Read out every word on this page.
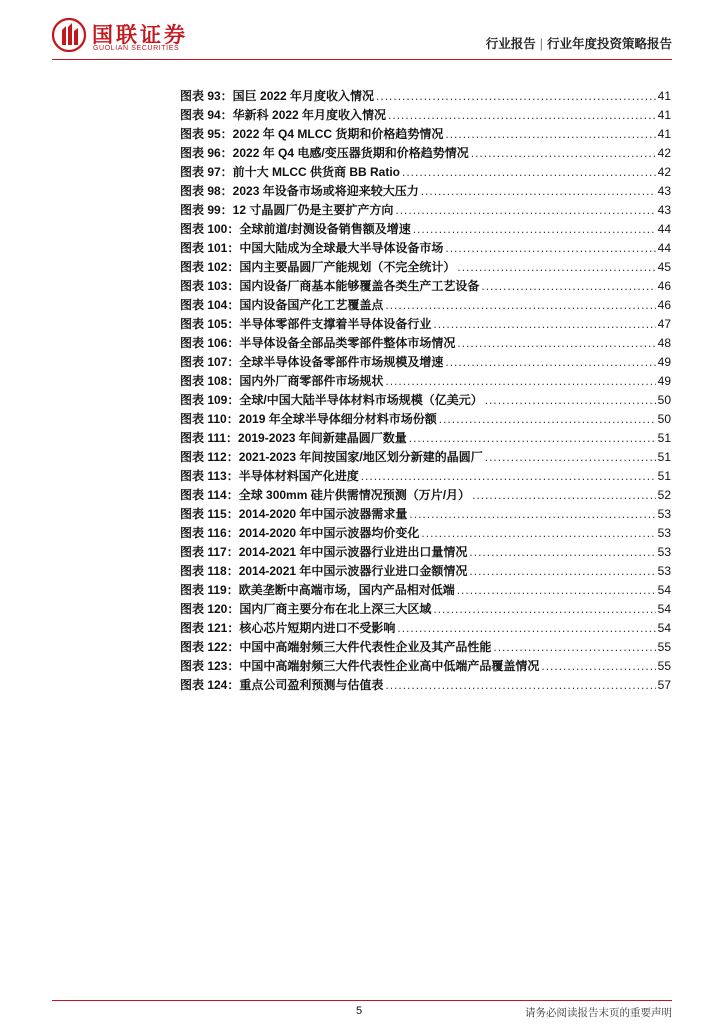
国联证券
GUOLIAN SECURITIES	行业报告 | 行业年度投资策略报告
图表 93：国巨 2022 年月度收入情况 .....	41
图表 94：华新科 2022 年月度收入情况 .....	41
图表 95：2022 年 Q4 MLCC 货期和价格趋势情况 .....	41
图表 96：2022 年 Q4 电感/变压器货期和价格趋势情况 .....	42
图表 97：前十大 MLCC 供货商 BB Ratio .....	42
图表 98：2023 年设备市场或将迎来较大压力 .....	43
图表 99：12 寸晶圆厂仍是主要扩产方向 .....	43
图表 100：全球前道/封测设备销售额及增速 .....	44
图表 101：中国大陆成为全球最大半导体设备市场 .....	44
图表 102：国内主要晶圆厂产能规划（不完全统计） .....	45
图表 103：国内设备厂商基本能够覆盖各类生产工艺设备 .....	46
图表 104：国内设备国产化工艺覆盖点 .....	46
图表 105：半导体零部件支撑着半导体设备行业 .....	47
图表 106：半导体设备全部品类零部件整体市场情况 .....	48
图表 107：全球半导体设备零部件市场规模及增速 .....	49
图表 108：国内外厂商零部件市场规状 .....	49
图表 109：全球/中国大陆半导体材料市场规模（亿美元） .....	50
图表 110：2019 年全球半导体细分材料市场份额 .....	50
图表 111：2019-2023 年间新建晶圆厂数量 .....	51
图表 112：2021-2023 年间按国家/地区划分新建的晶圆厂 .....	51
图表 113：半导体材料国产化进度 .....	51
图表 114：全球 300mm 硅片供需情况预测（万片/月） .....	52
图表 115：2014-2020 年中国示波器需求量 .....	53
图表 116：2014-2020 年中国示波器均价变化 .....	53
图表 117：2014-2021 年中国示波器行业进出口量情况 .....	53
图表 118：2014-2021 年中国示波器行业进口金额情况 .....	53
图表 119：欧美垄断中高端市场，国内产品相对低端 .....	54
图表 120：国内厂商主要分布在北上深三大区域 .....	54
图表 121：核心芯片短期内进口不受影响 .....	54
图表 122：中国中高端射频三大件代表性企业及其产品性能 .....	55
图表 123：中国中高端射频三大件代表性企业高中低端产品覆盖情况 .....	55
图表 124：重点公司盈利预测与估值表 .....	57
5	请务必阅读报告末页的重要声明
